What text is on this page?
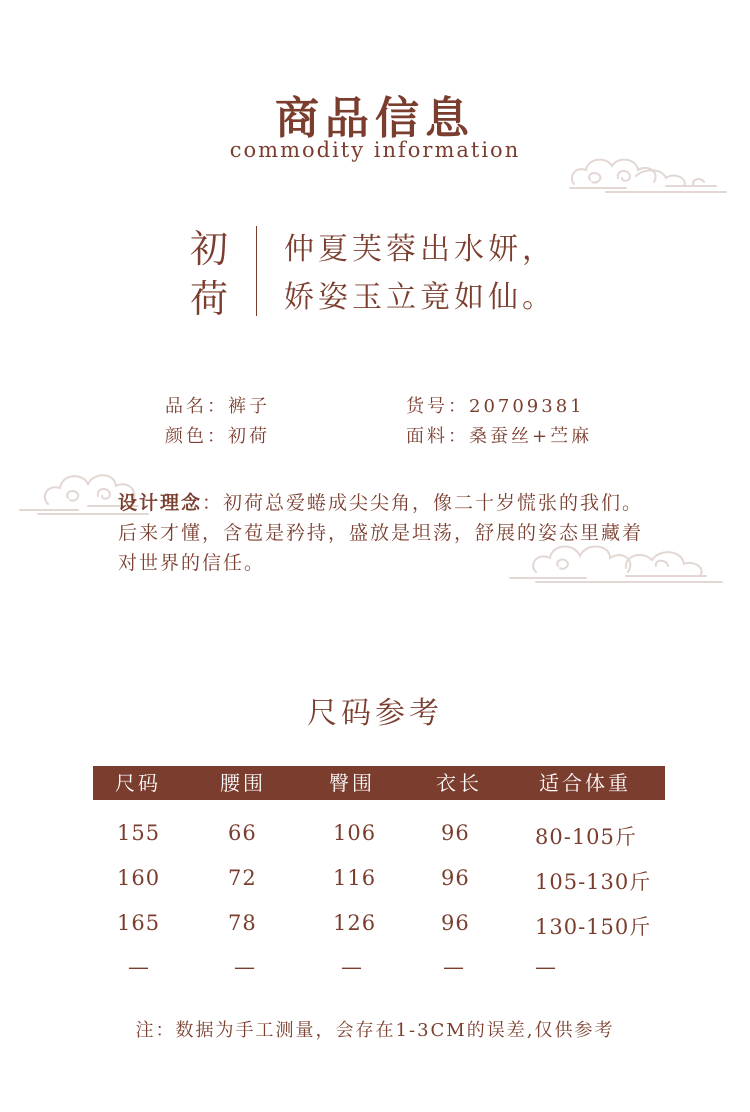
商品信息
commodity information
初
荷
仲夏芙蓉出水妍，
娇姿玉立竟如仙。
品名：裤子
颜色：初荷
货号：20709381
面料：桑蚕丝+苎麻
设计理念：初荷总爱蜷成尖尖角，像二十岁慌张的我们。后来才懂，含苞是矜持，盛放是坦荡，舒展的姿态里藏着对世界的信任。
尺码参考
尺码	腰围	臀围	衣长	适合体重
155	66	106	96	80-105斤
160	72	116	96	105-130斤
165	78	126	96	130-150斤
—	—	—	—	—
注：数据为手工测量，会存在1-3CM的误差,仅供参考
